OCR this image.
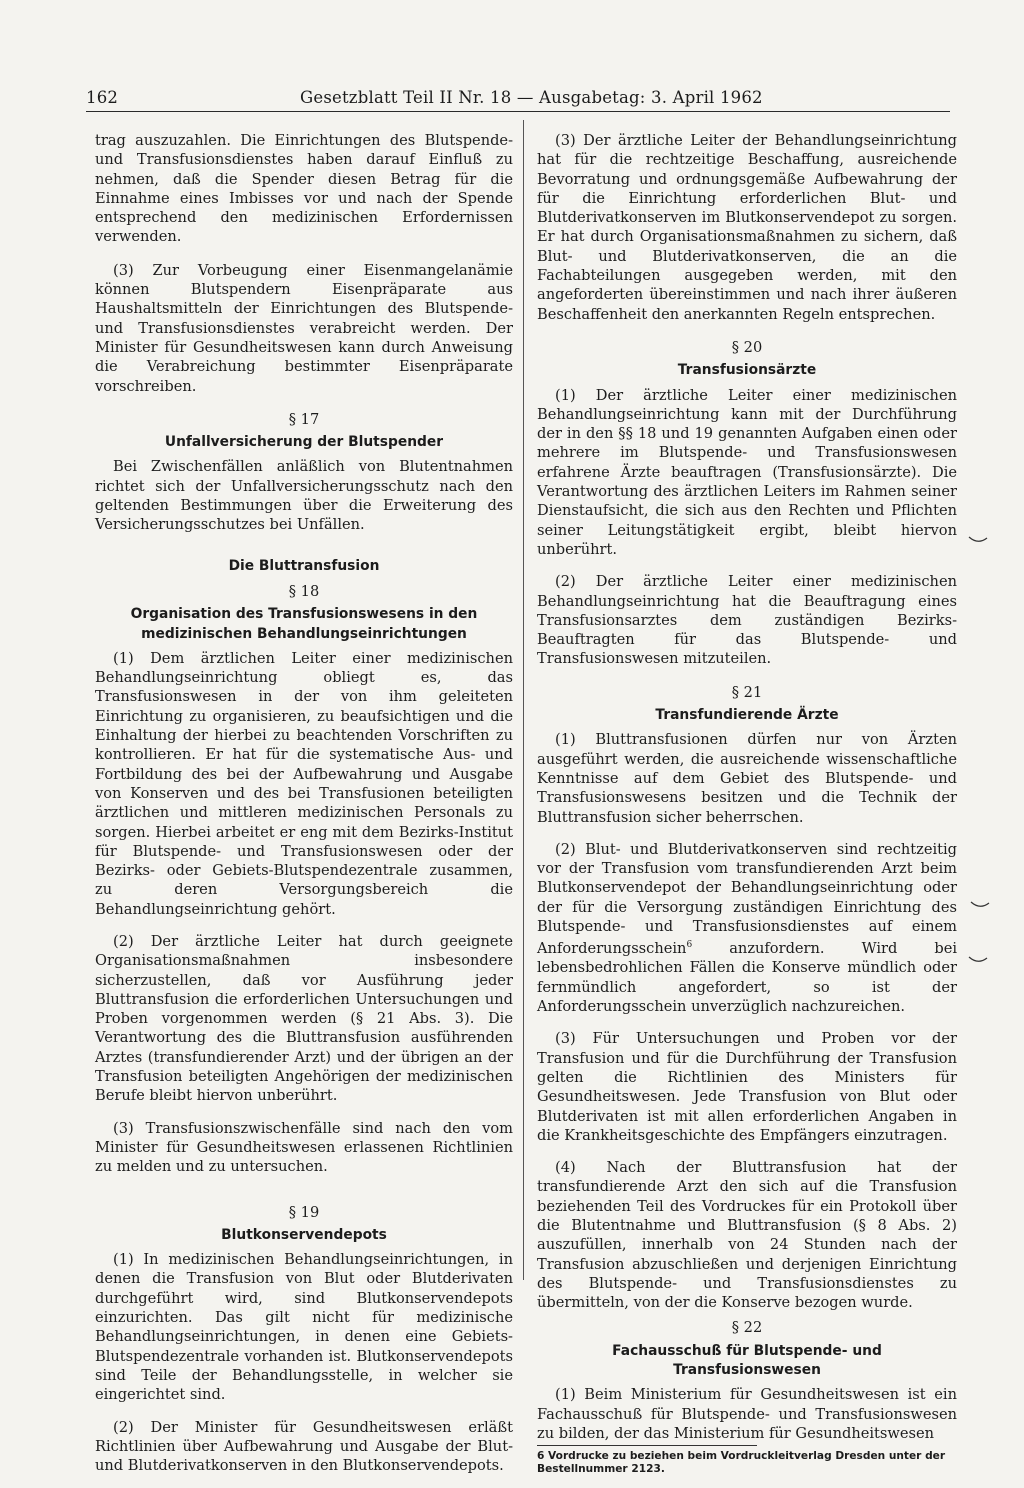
162	Gesetzblatt Teil II Nr. 18 — Ausgabetag: 3. April 1962

trag auszuzahlen. Die Einrichtungen des Blutspende- und Transfusionsdienstes haben darauf Einfluß zu nehmen, daß die Spender diesen Betrag für die Einnahme eines Imbisses vor und nach der Spende entsprechend den medizinischen Erfordernissen verwenden.

(3) Zur Vorbeugung einer Eisenmangelanämie können Blutspendern Eisenpräparate aus Haushaltsmitteln der Einrichtungen des Blutspende- und Transfusionsdienstes verabreicht werden. Der Minister für Gesundheitswesen kann durch Anweisung die Verabreichung bestimmter Eisenpräparate vorschreiben.

§ 17
Unfallversicherung der Blutspender

Bei Zwischenfällen anläßlich von Blutentnahmen richtet sich der Unfallversicherungsschutz nach den geltenden Bestimmungen über die Erweiterung des Versicherungsschutzes bei Unfällen.

Die Bluttransfusion
§ 18
Organisation des Transfusionswesens in den medizinischen Behandlungseinrichtungen

(1) Dem ärztlichen Leiter einer medizinischen Behandlungseinrichtung obliegt es, das Transfusionswesen in der von ihm geleiteten Einrichtung zu organisieren, zu beaufsichtigen und die Einhaltung der hierbei zu beachtenden Vorschriften zu kontrollieren. Er hat für die systematische Aus- und Fortbildung des bei der Aufbewahrung und Ausgabe von Konserven und des bei Transfusionen beteiligten ärztlichen und mittleren medizinischen Personals zu sorgen. Hierbei arbeitet er eng mit dem Bezirks-Institut für Blutspende- und Transfusionswesen oder der Bezirks- oder Gebiets-Blutspendezentrale zusammen, zu deren Versorgungsbereich die Behandlungseinrichtung gehört.

(2) Der ärztliche Leiter hat durch geeignete Organisationsmaßnahmen insbesondere sicherzustellen, daß vor Ausführung jeder Bluttransfusion die erforderlichen Untersuchungen und Proben vorgenommen werden (§ 21 Abs. 3). Die Verantwortung des die Bluttransfusion ausführenden Arztes (transfundierender Arzt) und der übrigen an der Transfusion beteiligten Angehörigen der medizinischen Berufe bleibt hiervon unberührt.

(3) Transfusionszwischenfälle sind nach den vom Minister für Gesundheitswesen erlassenen Richtlinien zu melden und zu untersuchen.

§ 19
Blutkonservendepots

(1) In medizinischen Behandlungseinrichtungen, in denen die Transfusion von Blut oder Blutderivaten durchgeführt wird, sind Blutkonservendepots einzurichten. Das gilt nicht für medizinische Behandlungseinrichtungen, in denen eine Gebiets-Blutspendezentrale vorhanden ist. Blutkonservendepots sind Teile der Behandlungsstelle, in welcher sie eingerichtet sind.

(2) Der Minister für Gesundheitswesen erläßt Richtlinien über Aufbewahrung und Ausgabe der Blut- und Blutderivatkonserven in den Blutkonservendepots.

(3) Der ärztliche Leiter der Behandlungseinrichtung hat für die rechtzeitige Beschaffung, ausreichende Bevorratung und ordnungsgemäße Aufbewahrung der für die Einrichtung erforderlichen Blut- und Blutderivatkonserven im Blutkonservendepot zu sorgen. Er hat durch Organisationsmaßnahmen zu sichern, daß Blut- und Blutderivatkonserven, die an die Fachabteilungen ausgegeben werden, mit den angeforderten übereinstimmen und nach ihrer äußeren Beschaffenheit den anerkannten Regeln entsprechen.

§ 20
Transfusionsärzte

(1) Der ärztliche Leiter einer medizinischen Behandlungseinrichtung kann mit der Durchführung der in den §§ 18 und 19 genannten Aufgaben einen oder mehrere im Blutspende- und Transfusionswesen erfahrene Ärzte beauftragen (Transfusionsärzte). Die Verantwortung des ärztlichen Leiters im Rahmen seiner Dienstaufsicht, die sich aus den Rechten und Pflichten seiner Leitungstätigkeit ergibt, bleibt hiervon unberührt.

(2) Der ärztliche Leiter einer medizinischen Behandlungseinrichtung hat die Beauftragung eines Transfusionsarztes dem zuständigen Bezirks-Beauftragten für das Blutspende- und Transfusionswesen mitzuteilen.

§ 21
Transfundierende Ärzte

(1) Bluttransfusionen dürfen nur von Ärzten ausgeführt werden, die ausreichende wissenschaftliche Kenntnisse auf dem Gebiet des Blutspende- und Transfusionswesens besitzen und die Technik der Bluttransfusion sicher beherrschen.

(2) Blut- und Blutderivatkonserven sind rechtzeitig vor der Transfusion vom transfundierenden Arzt beim Blutkonservendepot der Behandlungseinrichtung oder der für die Versorgung zuständigen Einrichtung des Blutspende- und Transfusionsdienstes auf einem Anforderungsschein$^6$ anzufordern. Wird bei lebensbedrohlichen Fällen die Konserve mündlich oder fernmündlich angefordert, so ist der Anforderungsschein unverzüglich nachzureichen.

(3) Für Untersuchungen und Proben vor der Transfusion und für die Durchführung der Transfusion gelten die Richtlinien des Ministers für Gesundheitswesen. Jede Transfusion von Blut oder Blutderivaten ist mit allen erforderlichen Angaben in die Krankheitsgeschichte des Empfängers einzutragen.

(4) Nach der Bluttransfusion hat der transfundierende Arzt den sich auf die Transfusion beziehenden Teil des Vordruckes für ein Protokoll über die Blutentnahme und Bluttransfusion (§ 8 Abs. 2) auszufüllen, innerhalb von 24 Stunden nach der Transfusion abzuschließen und derjenigen Einrichtung des Blutspende- und Transfusionsdienstes zu übermitteln, von der die Konserve bezogen wurde.

§ 22
Fachausschuß für Blutspende- und Transfusionswesen

(1) Beim Ministerium für Gesundheitswesen ist ein Fachausschuß für Blutspende- und Transfusionswesen zu bilden, der das Ministerium für Gesundheitswesen

6 Vordrucke zu beziehen beim Vordruckleitverlag Dresden unter der Bestellnummer 2123.
